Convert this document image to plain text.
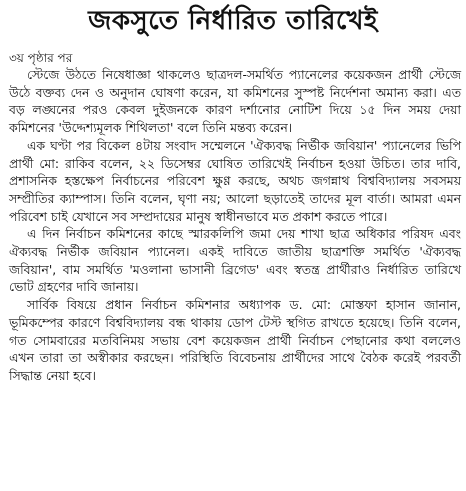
জকসুতে নির্ধারিত তারিখেই
৩য় পৃষ্ঠার পর

স্টেজে উঠতে নিষেধাজ্ঞা থাকলেও ছাত্রদল-সমর্থিত প্যানেলের কয়েকজন প্রার্থী স্টেজে উঠে বক্তব্য দেন ও অনুদান ঘোষণা করেন, যা কমিশনের সুস্পষ্ট নির্দেশনা অমান্য করা। এত বড় লঙ্ঘনের পরও কেবল দুইজনকে কারণ দর্শানোর নোটিশ দিয়ে ১৫ দিন সময় দেয়া কমিশনের 'উদ্দেশ্যমূলক শিথিলতা' বলে তিনি মন্তব্য করেন।

এক ঘণ্টা পর বিকেল ৪টায় সংবাদ সম্মেলনে 'ঐক্যবদ্ধ নির্ভীক জবিয়ান' প্যানেলের ভিপি প্রার্থী মো: রাকিব বলেন, ২২ ডিসেম্বর ঘোষিত তারিখেই নির্বাচন হওয়া উচিত। তার দাবি, প্রশাসনিক হস্তক্ষেপ নির্বাচনের পরিবেশ ক্ষুণ্ণ করছে, অথচ জগন্নাথ বিশ্ববিদ্যালয় সবসময় সম্প্রীতির ক্যাম্পাস। তিনি বলেন, ঘৃণা নয়; আলো ছড়াতেই তাদের মূল বার্তা। আমরা এমন পরিবেশ চাই যেখানে সব সম্প্রদায়ের মানুষ স্বাধীনভাবে মত প্রকাশ করতে পারে।

এ দিন নির্বাচন কমিশনের কাছে স্মারকলিপি জমা দেয় শাখা ছাত্র অধিকার পরিষদ এবং ঐক্যবদ্ধ নির্ভীক জবিয়ান প্যানেল। একই দাবিতে জাতীয় ছাত্রশক্তি সমর্থিত 'ঐক্যবদ্ধ জবিয়ান', বাম সমর্থিত 'মওলানা ভাসানী ব্রিগেড' এবং স্বতন্ত্র প্রার্থীরাও নির্ধারিত তারিখে ভোট গ্রহণের দাবি জানায়।

সার্বিক বিষয়ে প্রধান নির্বাচন কমিশনার অধ্যাপক ড. মো: মোস্তফা হাসান জানান, ভূমিকম্পের কারণে বিশ্ববিদ্যালয় বন্ধ থাকায় ডোপ টেস্ট স্থগিত রাখতে হয়েছে। তিনি বলেন, গত সোমবারের মতবিনিময় সভায় বেশ কয়েকজন প্রার্থী নির্বাচন পেছানোর কথা বললেও এখন তারা তা অস্বীকার করছেন। পরিস্থিতি বিবেচনায় প্রার্থীদের সাথে বৈঠক করেই পরবর্তী সিদ্ধান্ত নেয়া হবে।
